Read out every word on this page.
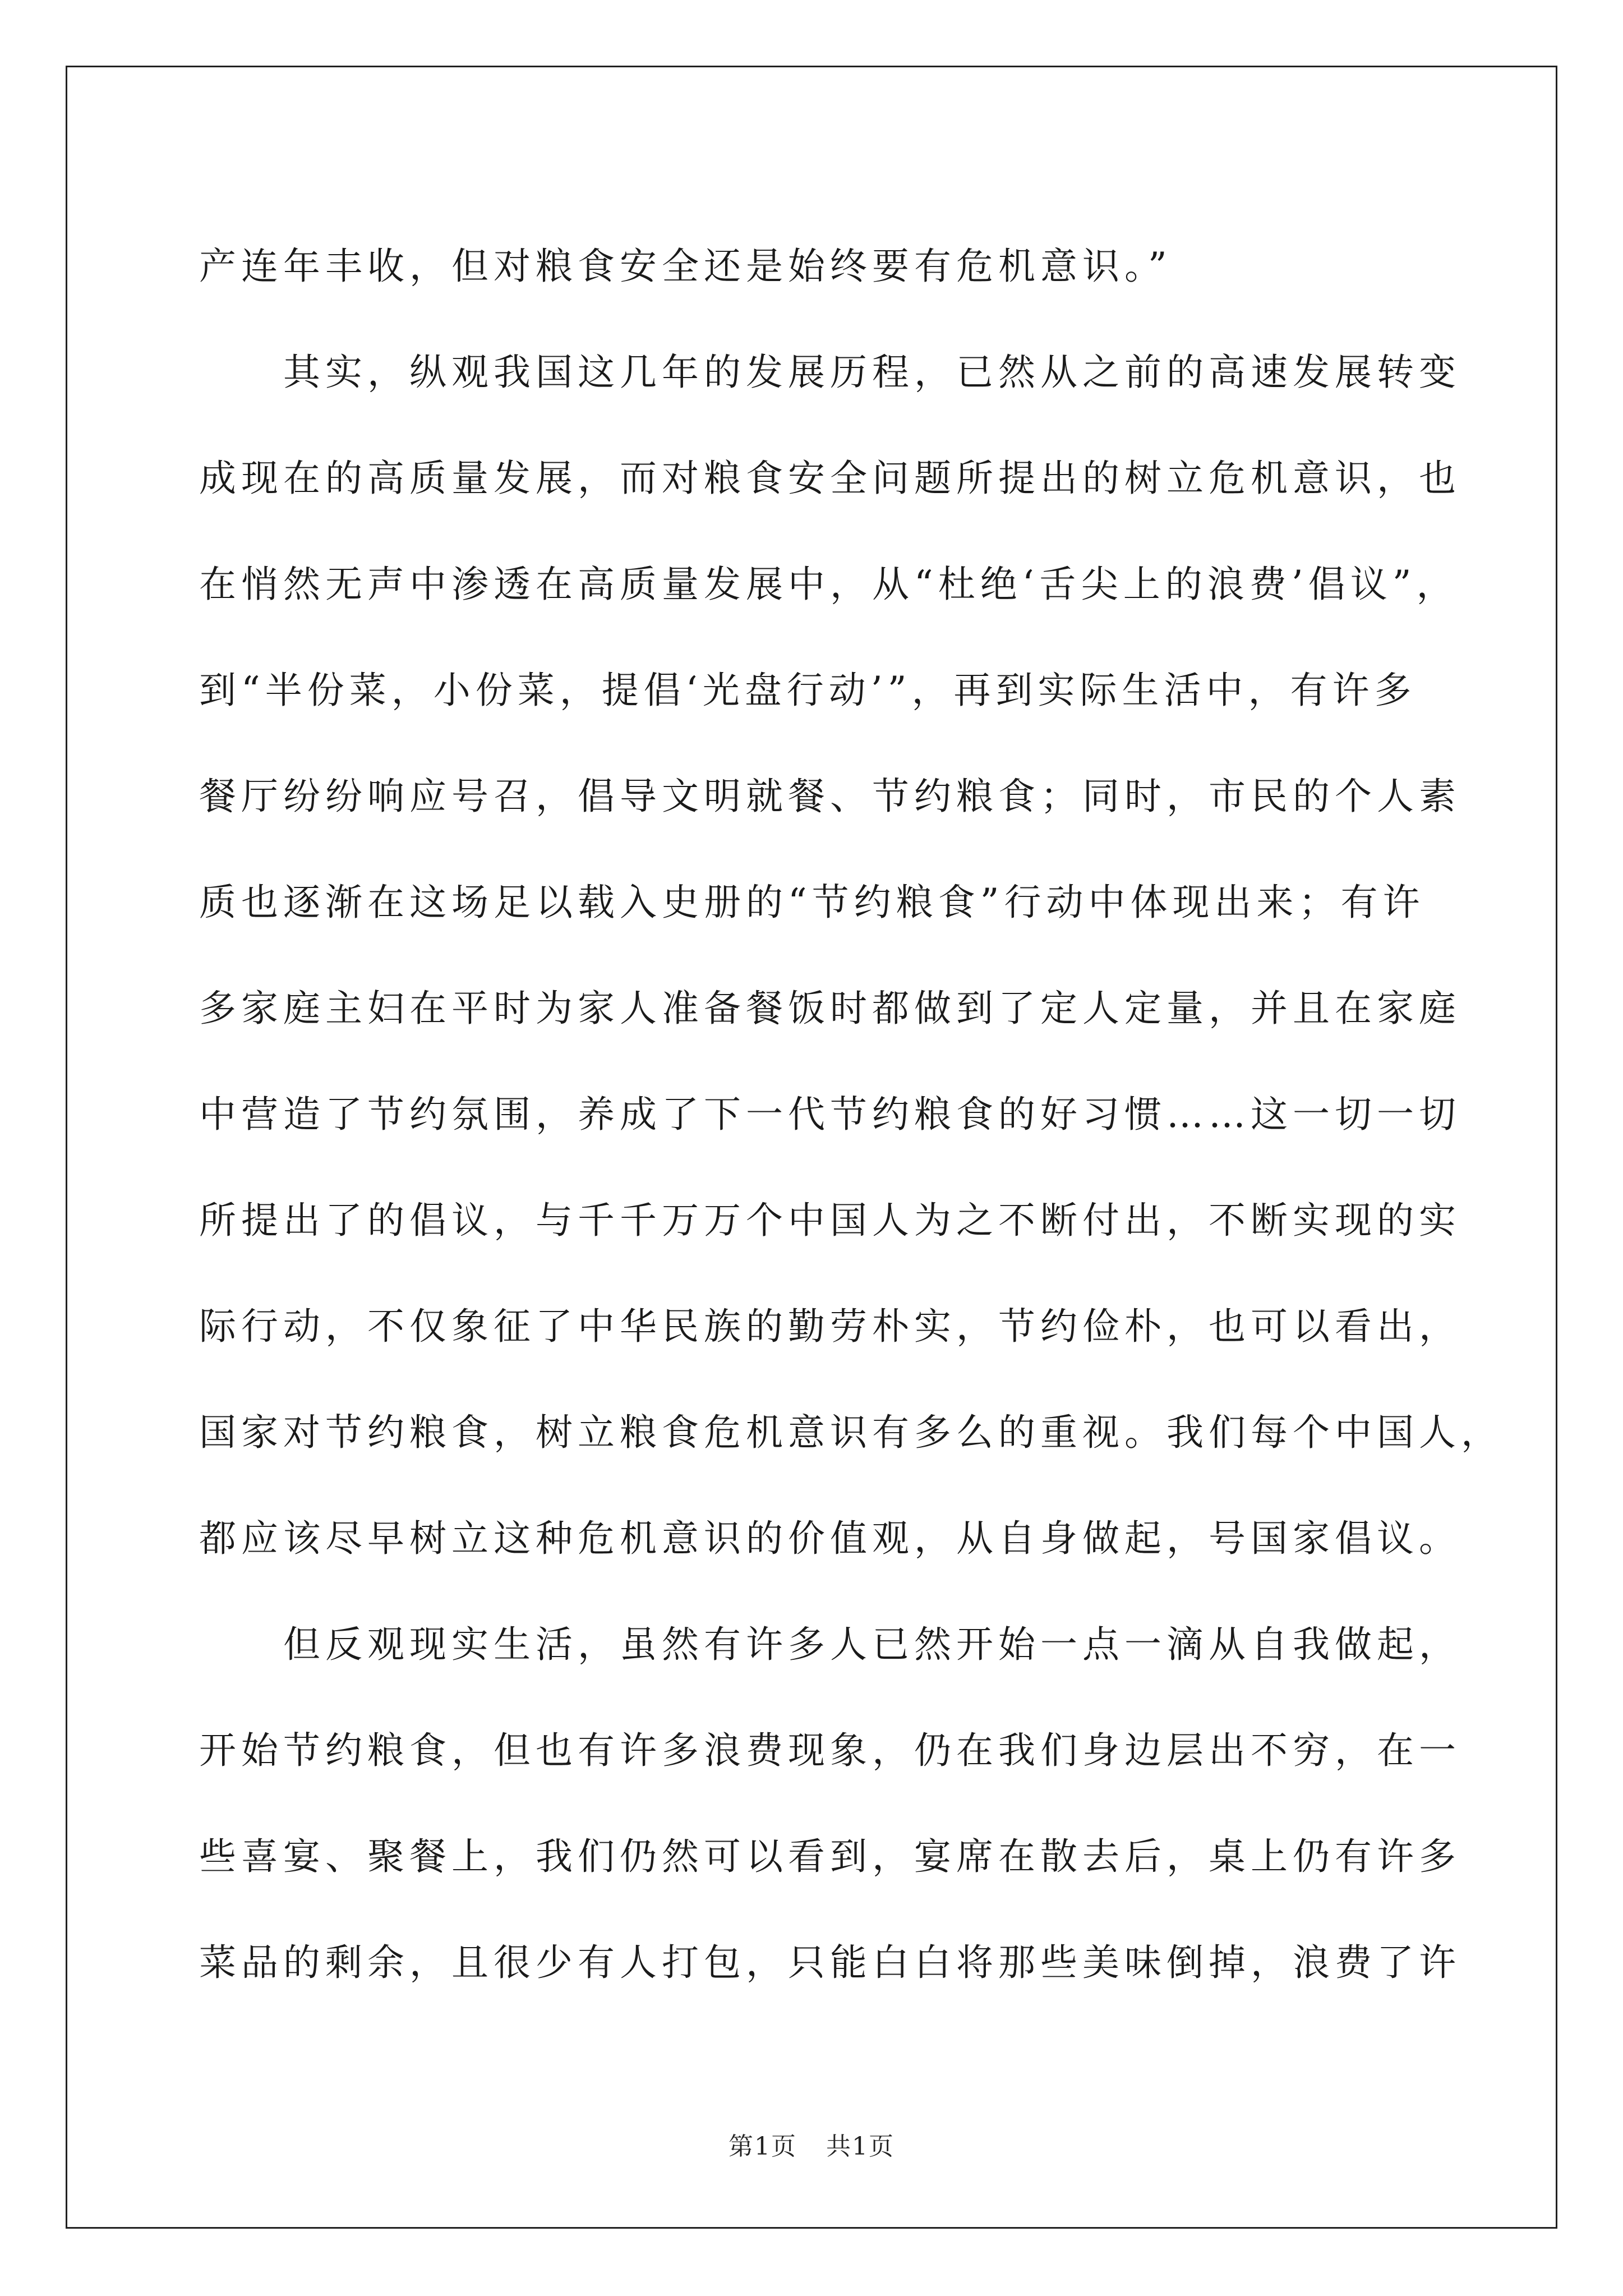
产连年丰收，但对粮食安全还是始终要有危机意识。”
　　其实，纵观我国这几年的发展历程，已然从之前的高速发展转变
成现在的高质量发展，而对粮食安全问题所提出的树立危机意识，也
在悄然无声中渗透在高质量发展中，从“杜绝‘舌尖上的浪费’倡议”，
到“半份菜，小份菜，提倡‘光盘行动’”，再到实际生活中，有许多
餐厅纷纷响应号召，倡导文明就餐、节约粮食；同时，市民的个人素
质也逐渐在这场足以载入史册的“节约粮食”行动中体现出来；有许
多家庭主妇在平时为家人准备餐饭时都做到了定人定量，并且在家庭
中营造了节约氛围，养成了下一代节约粮食的好习惯……这一切一切
所提出了的倡议，与千千万万个中国人为之不断付出，不断实现的实
际行动，不仅象征了中华民族的勤劳朴实，节约俭朴，也可以看出，
国家对节约粮食，树立粮食危机意识有多么的重视。我们每个中国人，
都应该尽早树立这种危机意识的价值观，从自身做起，号国家倡议。
　　但反观现实生活，虽然有许多人已然开始一点一滴从自我做起，
开始节约粮食，但也有许多浪费现象，仍在我们身边层出不穷，在一
些喜宴、聚餐上，我们仍然可以看到，宴席在散去后，桌上仍有许多
菜品的剩余，且很少有人打包，只能白白将那些美味倒掉，浪费了许
第1页 共1页
